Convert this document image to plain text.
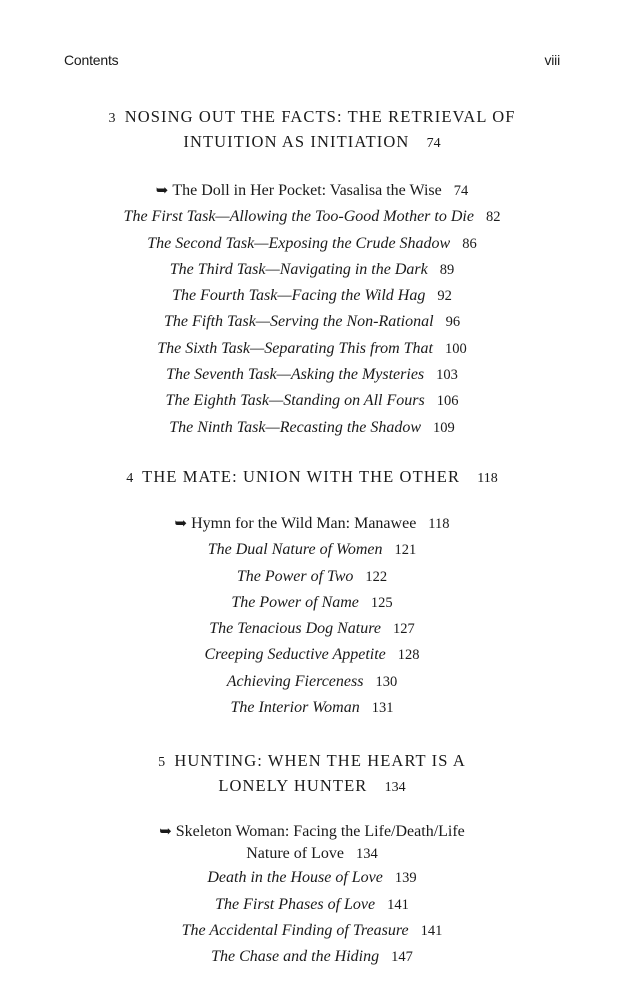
Contents	viii
3 NOSING OUT THE FACTS: THE RETRIEVAL OF
INTUITION AS INITIATION 74
➥ The Doll in Her Pocket: Vasalisa the Wise 74
The First Task—Allowing the Too-Good Mother to Die 82
The Second Task—Exposing the Crude Shadow 86
The Third Task—Navigating in the Dark 89
The Fourth Task—Facing the Wild Hag 92
The Fifth Task—Serving the Non-Rational 96
The Sixth Task—Separating This from That 100
The Seventh Task—Asking the Mysteries 103
The Eighth Task—Standing on All Fours 106
The Ninth Task—Recasting the Shadow 109
4 THE MATE: UNION WITH THE OTHER 118
➥ Hymn for the Wild Man: Manawee 118
The Dual Nature of Women 121
The Power of Two 122
The Power of Name 125
The Tenacious Dog Nature 127
Creeping Seductive Appetite 128
Achieving Fierceness 130
The Interior Woman 131
5 HUNTING: WHEN THE HEART IS A
LONELY HUNTER 134
➥ Skeleton Woman: Facing the Life/Death/Life
Nature of Love 134
Death in the House of Love 139
The First Phases of Love 141
The Accidental Finding of Treasure 141
The Chase and the Hiding 147
